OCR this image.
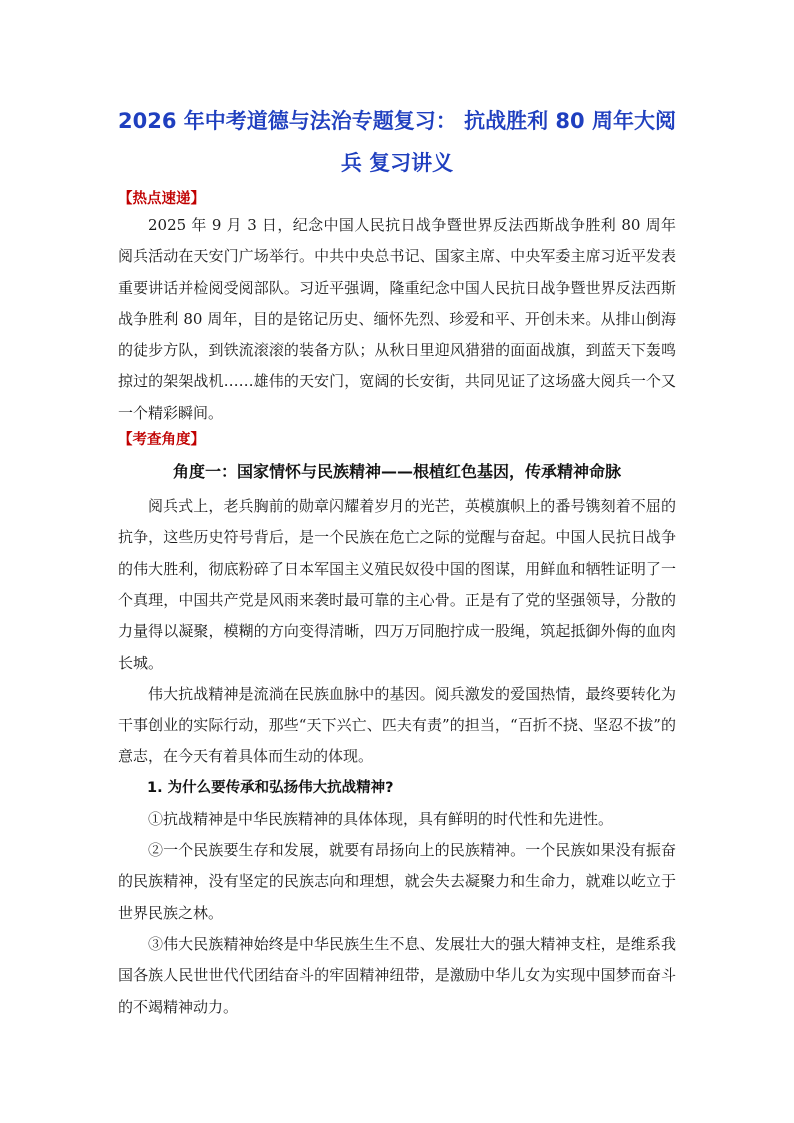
2026 年中考道德与法治专题复习： 抗战胜利 80 周年大阅
兵 复习讲义

【热点速递】

2025 年 9 月 3 日，纪念中国人民抗日战争暨世界反法西斯战争胜利 80 周年阅兵活动在天安门广场举行。中共中央总书记、国家主席、中央军委主席习近平发表重要讲话并检阅受阅部队。习近平强调，隆重纪念中国人民抗日战争暨世界反法西斯战争胜利 80 周年，目的是铭记历史、缅怀先烈、珍爱和平、开创未来。从排山倒海的徒步方队，到铁流滚滚的装备方队；从秋日里迎风猎猎的面面战旗，到蓝天下轰鸣掠过的架架战机……雄伟的天安门，宽阔的长安街，共同见证了这场盛大阅兵一个又一个精彩瞬间。

【考查角度】

角度一：国家情怀与民族精神——根植红色基因，传承精神命脉

阅兵式上，老兵胸前的勋章闪耀着岁月的光芒，英模旗帜上的番号镌刻着不屈的抗争，这些历史符号背后，是一个民族在危亡之际的觉醒与奋起。中国人民抗日战争的伟大胜利，彻底粉碎了日本军国主义殖民奴役中国的图谋，用鲜血和牺牲证明了一个真理，中国共产党是风雨来袭时最可靠的主心骨。正是有了党的坚强领导，分散的力量得以凝聚，模糊的方向变得清晰，四万万同胞拧成一股绳，筑起抵御外侮的血肉长城。

伟大抗战精神是流淌在民族血脉中的基因。阅兵激发的爱国热情，最终要转化为干事创业的实际行动，那些“天下兴亡、匹夫有责”的担当，“百折不挠、坚忍不拔”的意志，在今天有着具体而生动的体现。

1. 为什么要传承和弘扬伟大抗战精神?

①抗战精神是中华民族精神的具体体现，具有鲜明的时代性和先进性。

②一个民族要生存和发展，就要有昂扬向上的民族精神。一个民族如果没有振奋的民族精神，没有坚定的民族志向和理想，就会失去凝聚力和生命力，就难以屹立于世界民族之林。

③伟大民族精神始终是中华民族生生不息、发展壮大的强大精神支柱，是维系我国各族人民世世代代团结奋斗的牢固精神纽带，是激励中华儿女为实现中国梦而奋斗的不竭精神动力。
